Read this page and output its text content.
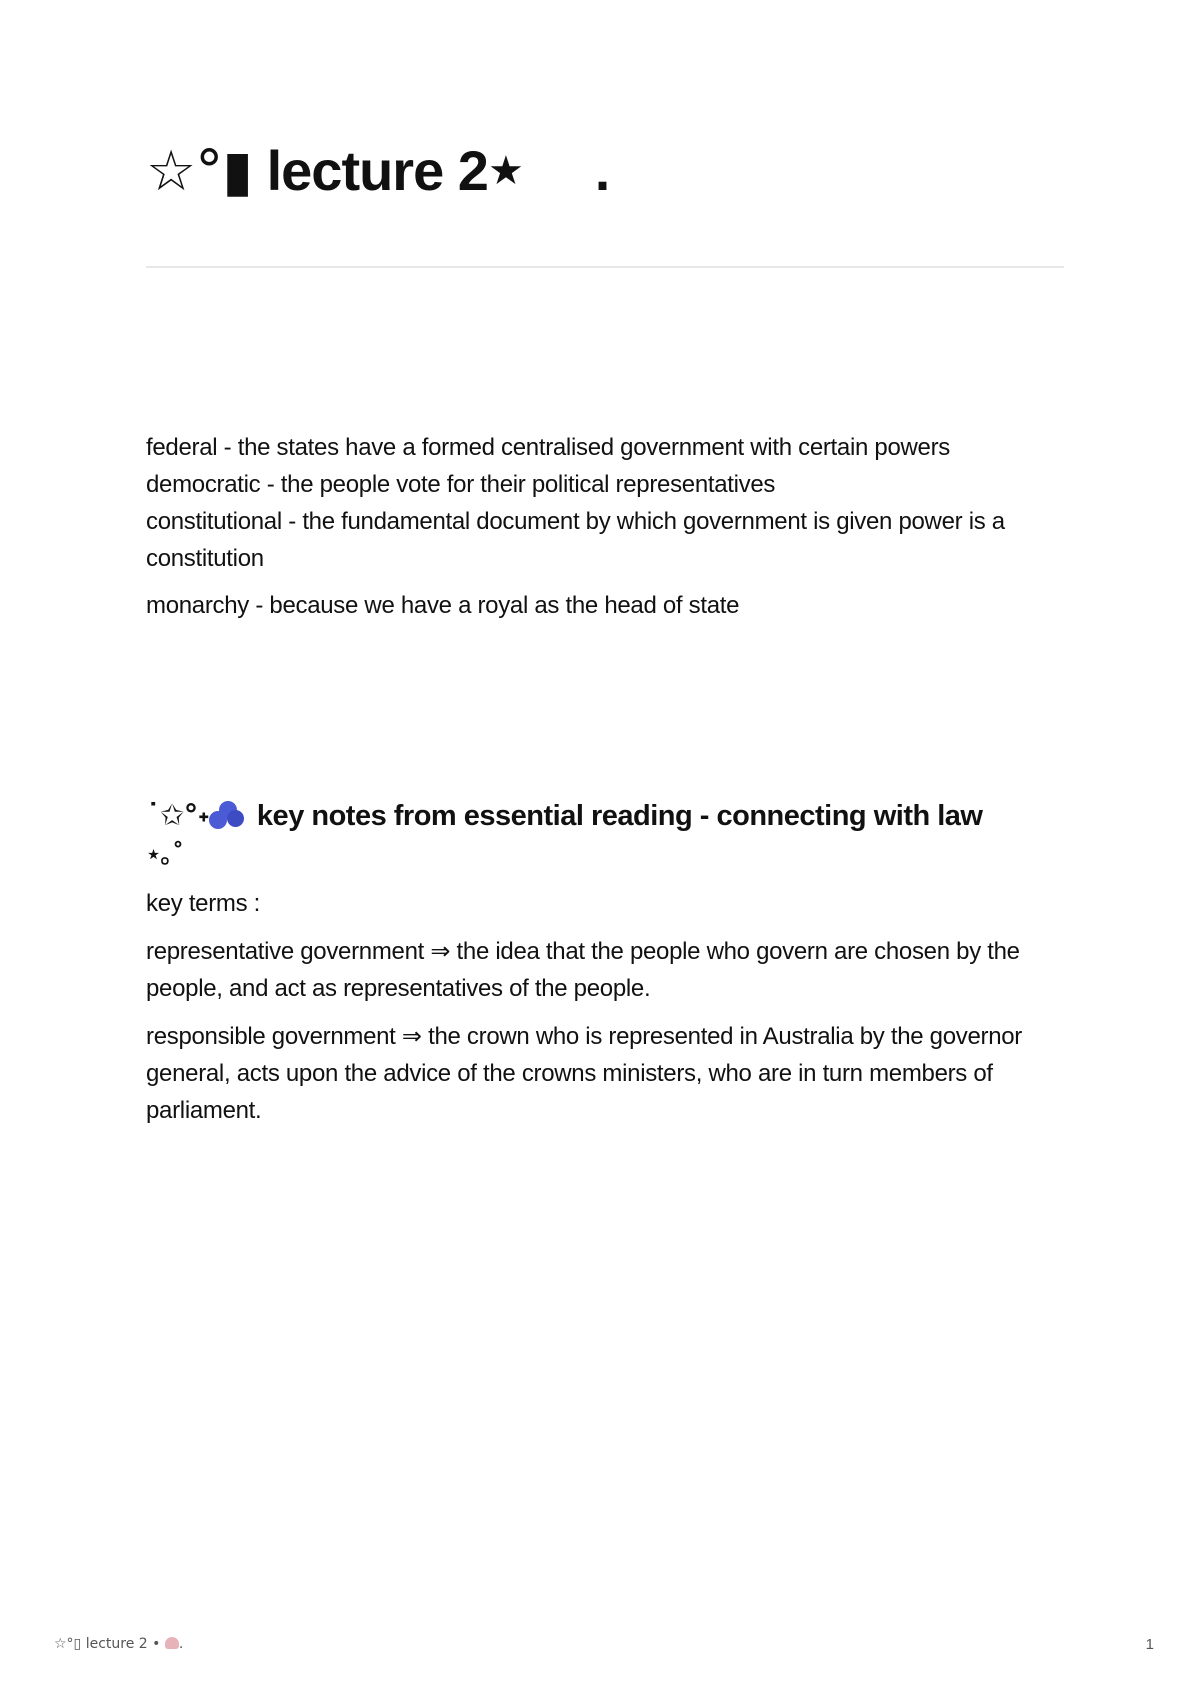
☆°▮ lecture 2★ .

federal - the states have a formed centralised government with certain powers

democratic - the people vote for their political representatives

constitutional - the fundamental document by which government is given power is a constitution

monarchy - because we have a royal as the head of state

˙✩°˖
key notes from essential reading - connecting with law
⋆｡˚

key terms :

representative government ⇒ the idea that the people who govern are chosen by the people, and act as representatives of the people.

responsible government ⇒ the crown who is represented in Australia by the governor general, acts upon the advice of the crowns ministers, who are in turn members of parliament.

☆°▯ lecture 2 • .	1
